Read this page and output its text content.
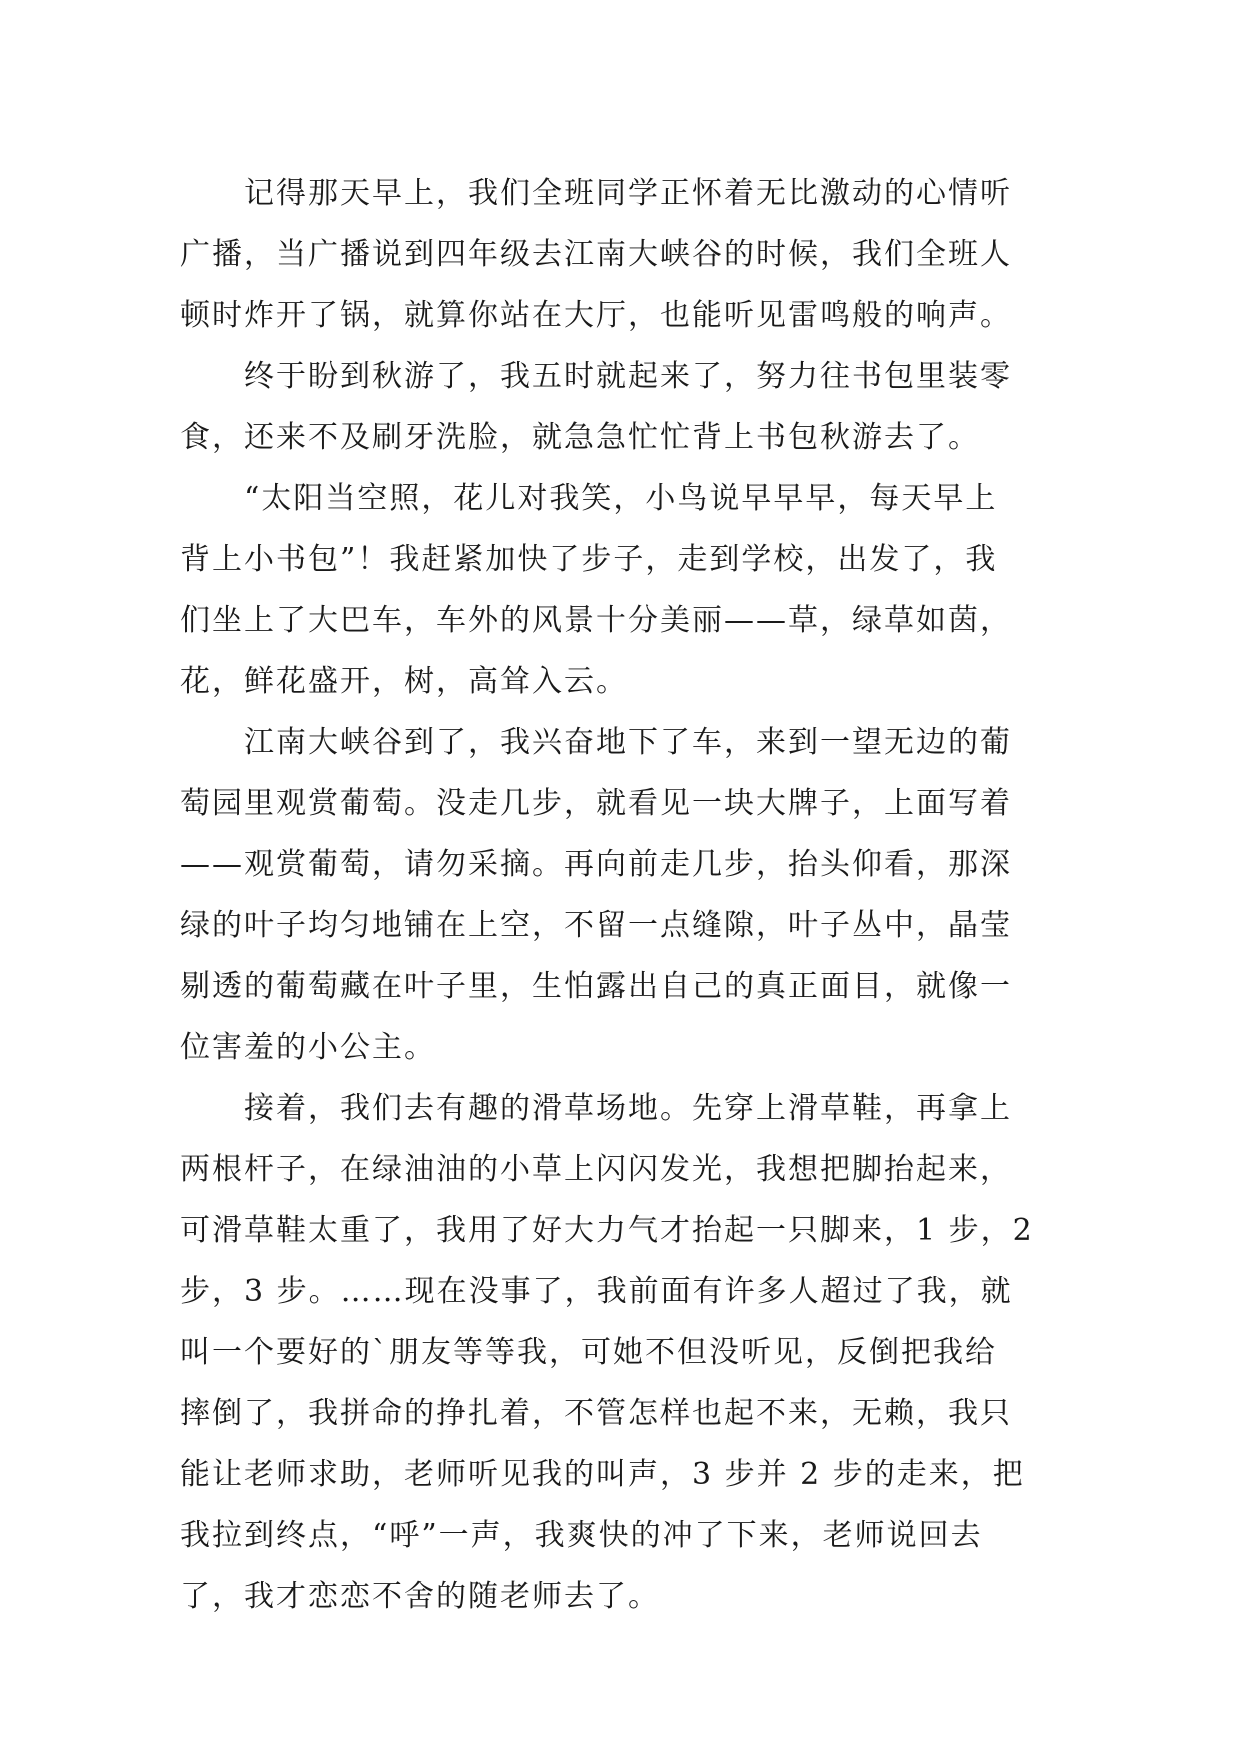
　　记得那天早上，我们全班同学正怀着无比激动的心情听
广播，当广播说到四年级去江南大峡谷的时候，我们全班人
顿时炸开了锅，就算你站在大厅，也能听见雷鸣般的响声。

　　终于盼到秋游了，我五时就起来了，努力往书包里装零
食，还来不及刷牙洗脸，就急急忙忙背上书包秋游去了。

　　“太阳当空照，花儿对我笑，小鸟说早早早，每天早上
背上小书包”！我赶紧加快了步子，走到学校，出发了，我
们坐上了大巴车，车外的风景十分美丽——草，绿草如茵，
花，鲜花盛开，树，高耸入云。

　　江南大峡谷到了，我兴奋地下了车，来到一望无边的葡
萄园里观赏葡萄。没走几步，就看见一块大牌子，上面写着
——观赏葡萄，请勿采摘。再向前走几步，抬头仰看，那深
绿的叶子均匀地铺在上空，不留一点缝隙，叶子丛中，晶莹
剔透的葡萄藏在叶子里，生怕露出自己的真正面目，就像一
位害羞的小公主。

　　接着，我们去有趣的滑草场地。先穿上滑草鞋，再拿上
两根杆子，在绿油油的小草上闪闪发光，我想把脚抬起来，
可滑草鞋太重了，我用了好大力气才抬起一只脚来，1 步，2
步，3 步。……现在没事了，我前面有许多人超过了我，就
叫一个要好的`朋友等等我，可她不但没听见，反倒把我给
摔倒了，我拼命的挣扎着，不管怎样也起不来，无赖，我只
能让老师求助，老师听见我的叫声，3 步并 2 步的走来，把
我拉到终点，“呼”一声，我爽快的冲了下来，老师说回去
了，我才恋恋不舍的随老师去了。
